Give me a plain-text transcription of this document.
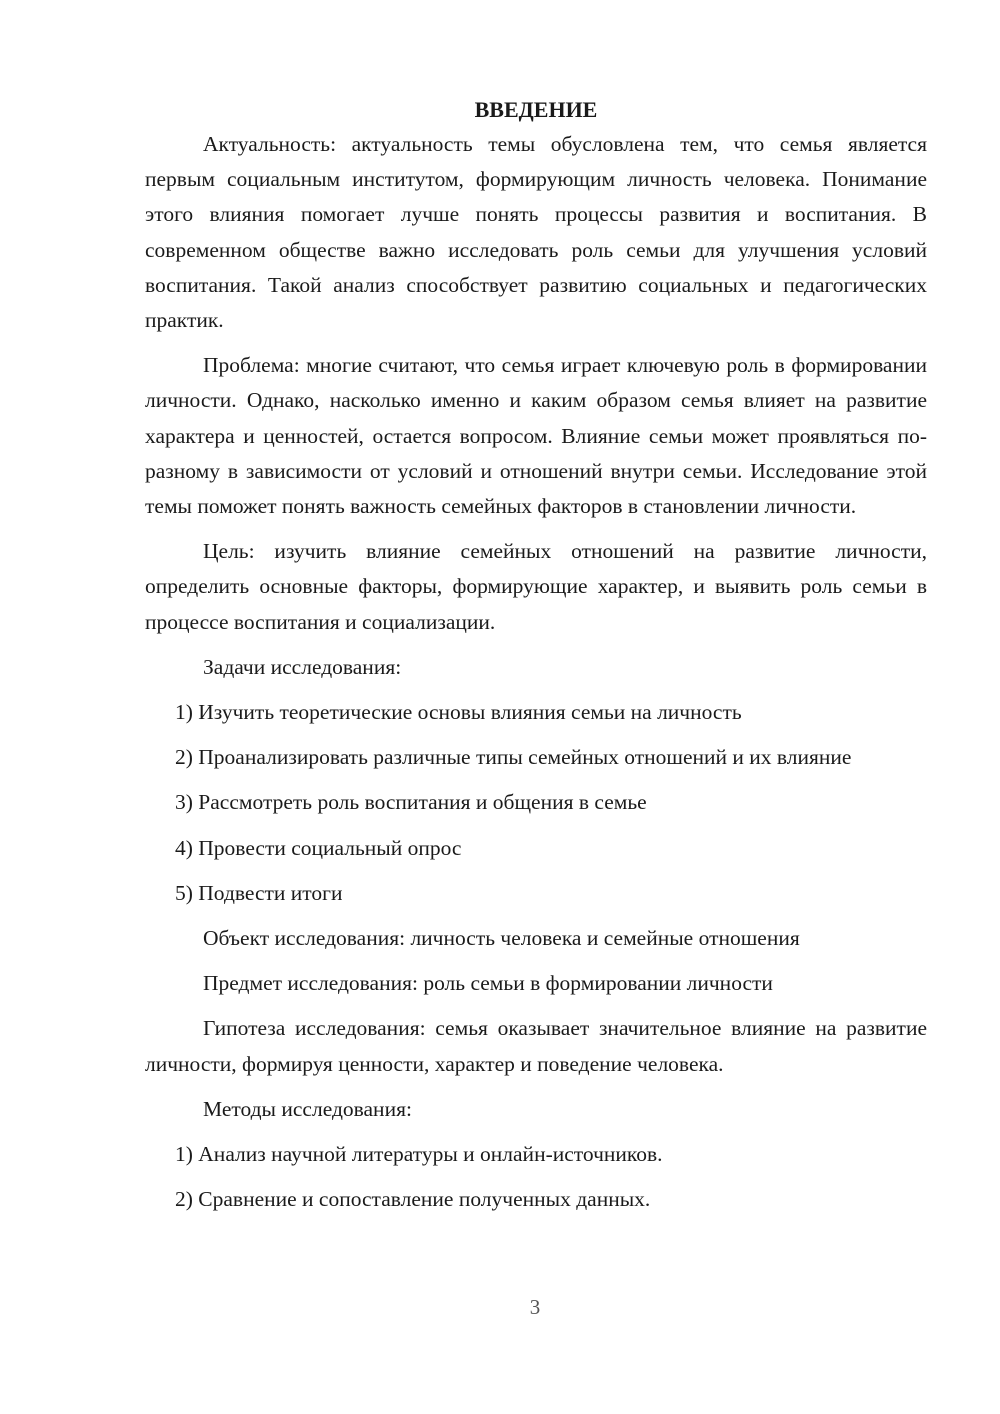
ВВЕДЕНИЕ

Актуальность: актуальность темы обусловлена тем, что семья является первым социальным институтом, формирующим личность человека. Понимание этого влияния помогает лучше понять процессы развития и воспитания. В современном обществе важно исследовать роль семьи для улучшения условий воспитания. Такой анализ способствует развитию социальных и педагогических практик.

Проблема: многие считают, что семья играет ключевую роль в формировании личности. Однако, насколько именно и каким образом семья влияет на развитие характера и ценностей, остается вопросом. Влияние семьи может проявляться по-разному в зависимости от условий и отношений внутри семьи. Исследование этой темы поможет понять важность семейных факторов в становлении личности.

Цель: изучить влияние семейных отношений на развитие личности, определить основные факторы, формирующие характер, и выявить роль семьи в процессе воспитания и социализации.

Задачи исследования:

1) Изучить теоретические основы влияния семьи на личность

2) Проанализировать различные типы семейных отношений и их влияние

3) Рассмотреть роль воспитания и общения в семье

4) Провести социальный опрос

5) Подвести итоги

Объект исследования: личность человека и семейные отношения

Предмет исследования: роль семьи в формировании личности

Гипотеза исследования: семья оказывает значительное влияние на развитие личности, формируя ценности, характер и поведение человека.

Методы исследования:

1) Анализ научной литературы и онлайн-источников.

2) Сравнение и сопоставление полученных данных.

3
